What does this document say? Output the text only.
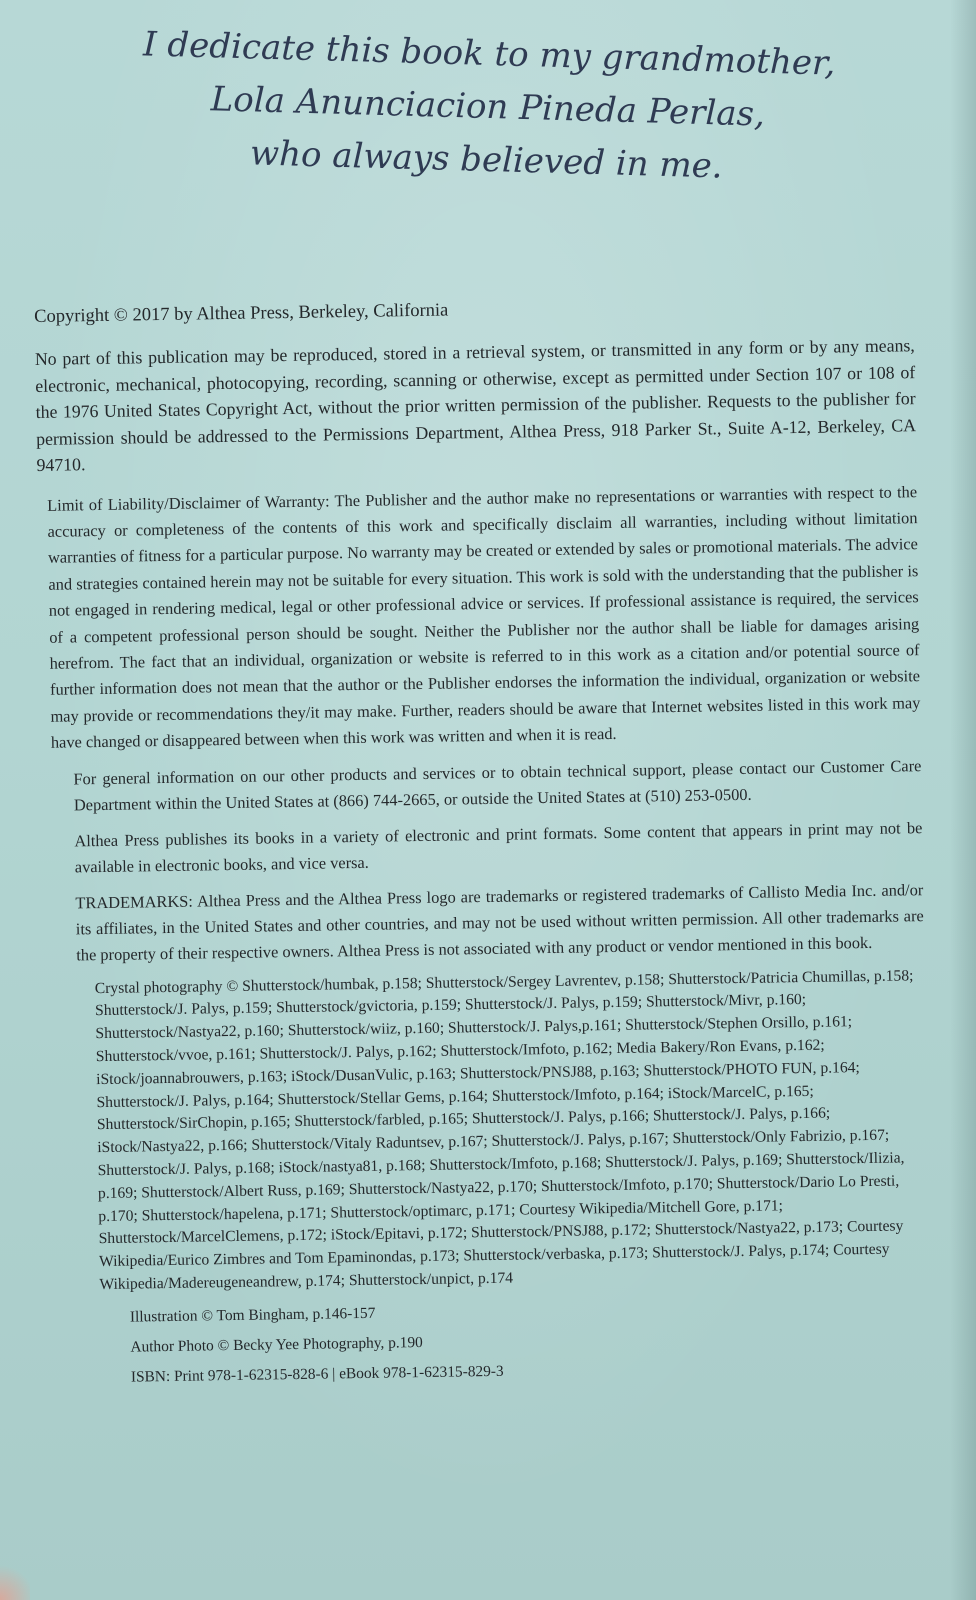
I dedicate this book to my grandmother,
Lola Anunciacion Pineda Perlas,
who always believed in me.

Copyright © 2017 by Althea Press, Berkeley, California

No part of this publication may be reproduced, stored in a retrieval system, or transmitted in any form or by any means, electronic, mechanical, photocopying, recording, scanning or otherwise, except as permitted under Section 107 or 108 of the 1976 United States Copyright Act, without the prior written permission of the publisher. Requests to the publisher for permission should be addressed to the Permissions Department, Althea Press, 918 Parker St., Suite A-12, Berkeley, CA 94710.

Limit of Liability/Disclaimer of Warranty: The Publisher and the author make no representations or warranties with respect to the accuracy or completeness of the contents of this work and specifically disclaim all warranties, including without limitation warranties of fitness for a particular purpose. No warranty may be created or extended by sales or promotional materials. The advice and strategies contained herein may not be suitable for every situation. This work is sold with the understanding that the publisher is not engaged in rendering medical, legal or other professional advice or services. If professional assistance is required, the services of a competent professional person should be sought. Neither the Publisher nor the author shall be liable for damages arising herefrom. The fact that an individual, organization or website is referred to in this work as a citation and/or potential source of further information does not mean that the author or the Publisher endorses the information the individual, organization or website may provide or recommendations they/it may make. Further, readers should be aware that Internet websites listed in this work may have changed or disappeared between when this work was written and when it is read.

For general information on our other products and services or to obtain technical support, please contact our Customer Care Department within the United States at (866) 744-2665, or outside the United States at (510) 253-0500.

Althea Press publishes its books in a variety of electronic and print formats. Some content that appears in print may not be available in electronic books, and vice versa.

TRADEMARKS: Althea Press and the Althea Press logo are trademarks or registered trademarks of Callisto Media Inc. and/or its affiliates, in the United States and other countries, and may not be used without written permission. All other trademarks are the property of their respective owners. Althea Press is not associated with any product or vendor mentioned in this book.

Crystal photography © Shutterstock/humbak, p.158; Shutterstock/Sergey Lavrentev, p.158; Shutterstock/Patricia Chumillas, p.158; Shutterstock/J. Palys, p.159; Shutterstock/gvictoria, p.159; Shutterstock/J. Palys, p.159; Shutterstock/Mivr, p.160; Shutterstock/Nastya22, p.160; Shutterstock/wiiz, p.160; Shutterstock/J. Palys,p.161; Shutterstock/Stephen Orsillo, p.161; Shutterstock/vvoe, p.161; Shutterstock/J. Palys, p.162; Shutterstock/Imfoto, p.162; Media Bakery/Ron Evans, p.162; iStock/joannabrouwers, p.163; iStock/DusanVulic, p.163; Shutterstock/PNSJ88, p.163; Shutterstock/PHOTO FUN, p.164; Shutterstock/J. Palys, p.164; Shutterstock/Stellar Gems, p.164; Shutterstock/Imfoto, p.164; iStock/MarcelC, p.165; Shutterstock/SirChopin, p.165; Shutterstock/farbled, p.165; Shutterstock/J. Palys, p.166; Shutterstock/J. Palys, p.166; iStock/Nastya22, p.166; Shutterstock/Vitaly Raduntsev, p.167; Shutterstock/J. Palys, p.167; Shutterstock/Only Fabrizio, p.167; Shutterstock/J. Palys, p.168; iStock/nastya81, p.168; Shutterstock/Imfoto, p.168; Shutterstock/J. Palys, p.169; Shutterstock/Ilizia, p.169; Shutterstock/Albert Russ, p.169; Shutterstock/Nastya22, p.170; Shutterstock/Imfoto, p.170; Shutterstock/Dario Lo Presti, p.170; Shutterstock/hapelena, p.171; Shutterstock/optimarc, p.171; Courtesy Wikipedia/Mitchell Gore, p.171; Shutterstock/MarcelClemens, p.172; iStock/Epitavi, p.172; Shutterstock/PNSJ88, p.172; Shutterstock/Nastya22, p.173; Courtesy Wikipedia/Eurico Zimbres and Tom Epaminondas, p.173; Shutterstock/verbaska, p.173; Shutterstock/J. Palys, p.174; Courtesy Wikipedia/Madereugeneandrew, p.174; Shutterstock/unpict, p.174

Illustration © Tom Bingham, p.146-157

Author Photo © Becky Yee Photography, p.190

ISBN: Print 978-1-62315-828-6 | eBook 978-1-62315-829-3
